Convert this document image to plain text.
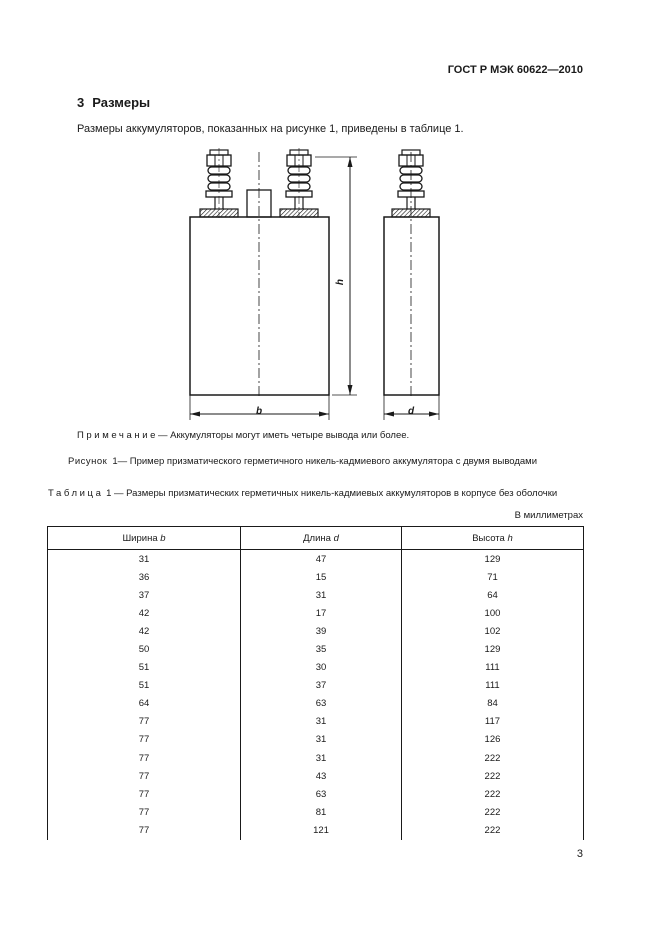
ГОСТ Р МЭК 60622—2010
3 Размеры
Размеры аккумуляторов, показанных на рисунке 1, приведены в таблице 1.
h
b	d
Примечание— Аккумуляторы могут иметь четыре вывода или более.
Рисунок 1— Пример призматического герметичного никель-кадмиевого аккумулятора с двумя выводами
Таблица 1 — Размеры призматических герметичных никель-кадмиевых аккумуляторов в корпусе без оболочки
В миллиметрах
Ширина b	Длина d	Высота h
31	47	129
36	15	71
37	31	64
42	17	100
42	39	102
50	35	129
51	30	111
51	37	111
64	63	84
77	31	117
77	31	126
77	31	222
77	43	222
77	63	222
77	81	222
77	121	222
3
